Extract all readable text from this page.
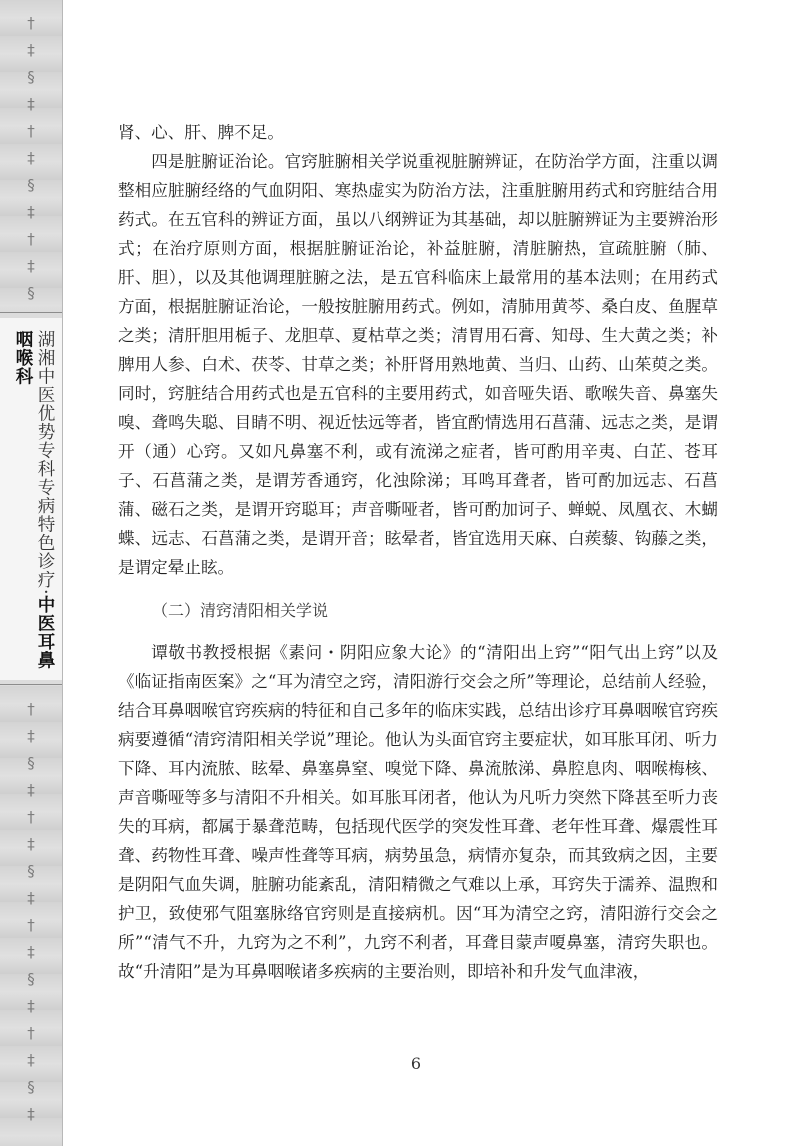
†
‡
§
‡
†
‡
§
‡
†
‡
§
湖湘中医优势专科专病特色诊疗·中医耳鼻咽喉科
†
‡
§
‡
†
‡
§
‡
†
‡
§
‡
†
‡
§
‡

肾、心、肝、脾不足。

四是脏腑证治论。官窍脏腑相关学说重视脏腑辨证，在防治学方面，注重以调整相应脏腑经络的气血阴阳、寒热虚实为防治方法，注重脏腑用药式和窍脏结合用药式。在五官科的辨证方面，虽以八纲辨证为其基础，却以脏腑辨证为主要辨治形式；在治疗原则方面，根据脏腑证治论，补益脏腑，清脏腑热，宣疏脏腑（肺、肝、胆），以及其他调理脏腑之法，是五官科临床上最常用的基本法则；在用药式方面，根据脏腑证治论，一般按脏腑用药式。例如，清肺用黄芩、桑白皮、鱼腥草之类；清肝胆用栀子、龙胆草、夏枯草之类；清胃用石膏、知母、生大黄之类；补脾用人参、白术、茯苓、甘草之类；补肝肾用熟地黄、当归、山药、山茱萸之类。同时，窍脏结合用药式也是五官科的主要用药式，如音哑失语、歌喉失音、鼻塞失嗅、聋鸣失聪、目睛不明、视近怯远等者，皆宜酌情选用石菖蒲、远志之类，是谓开（通）心窍。又如凡鼻塞不利，或有流涕之症者，皆可酌用辛夷、白芷、苍耳子、石菖蒲之类，是谓芳香通窍，化浊除涕；耳鸣耳聋者，皆可酌加远志、石菖蒲、磁石之类，是谓开窍聪耳；声音嘶哑者，皆可酌加诃子、蝉蜕、凤凰衣、木蝴蝶、远志、石菖蒲之类，是谓开音；眩晕者，皆宜选用天麻、白蒺藜、钩藤之类，是谓定晕止眩。

（二）清窍清阳相关学说

谭敬书教授根据《素问・阴阳应象大论》的“清阳出上窍”“阳气出上窍”以及《临证指南医案》之“耳为清空之窍，清阳游行交会之所”等理论，总结前人经验，结合耳鼻咽喉官窍疾病的特征和自己多年的临床实践，总结出诊疗耳鼻咽喉官窍疾病要遵循“清窍清阳相关学说”理论。他认为头面官窍主要症状，如耳胀耳闭、听力下降、耳内流脓、眩晕、鼻塞鼻窒、嗅觉下降、鼻流脓涕、鼻腔息肉、咽喉梅核、声音嘶哑等多与清阳不升相关。如耳胀耳闭者，他认为凡听力突然下降甚至听力丧失的耳病，都属于暴聋范畴，包括现代医学的突发性耳聋、老年性耳聋、爆震性耳聋、药物性耳聋、噪声性聋等耳病，病势虽急，病情亦复杂，而其致病之因，主要是阴阳气血失调，脏腑功能紊乱，清阳精微之气难以上承，耳窍失于濡养、温煦和护卫，致使邪气阻塞脉络官窍则是直接病机。因“耳为清空之窍，清阳游行交会之所”“清气不升，九窍为之不利”，九窍不利者，耳聋目蒙声嗄鼻塞，清窍失职也。故“升清阳”是为耳鼻咽喉诸多疾病的主要治则，即培补和升发气血津液，

6
